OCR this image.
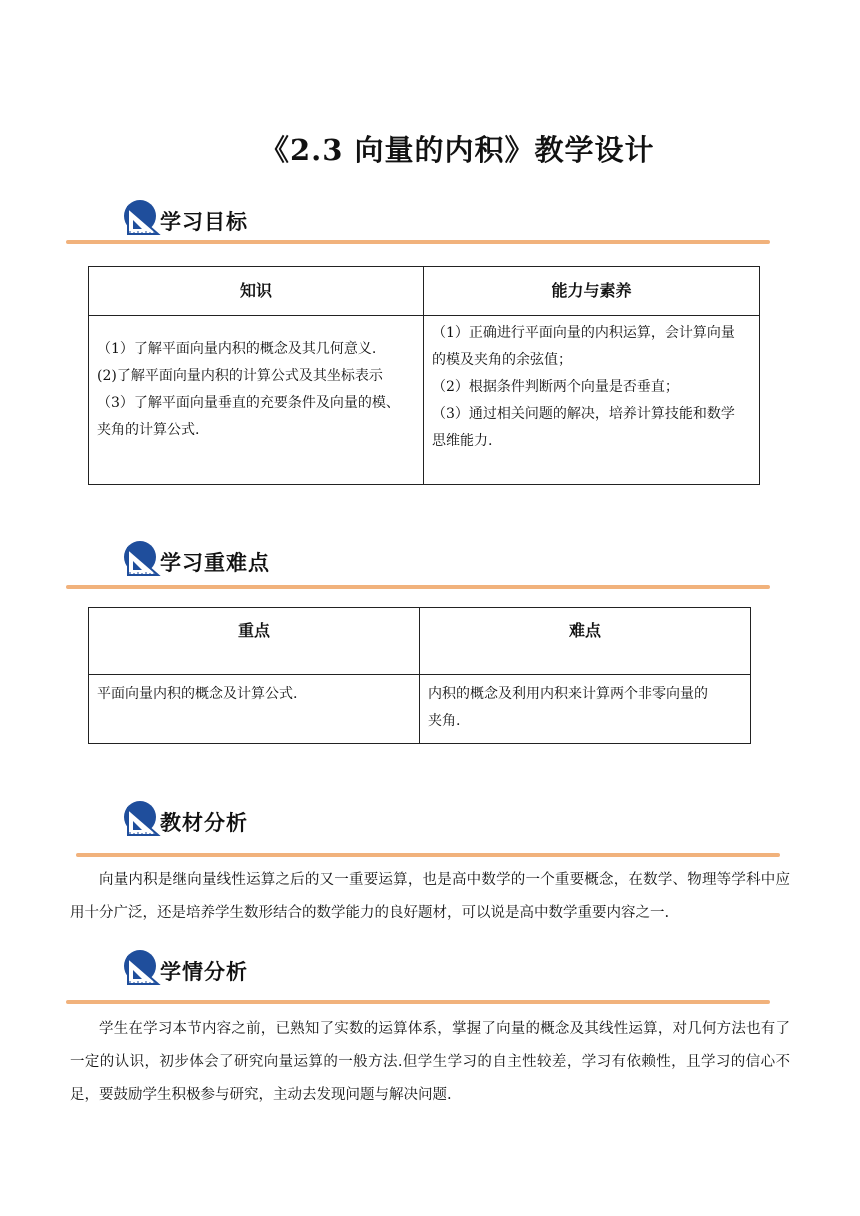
《2.3 向量的内积》教学设计
学习目标
知识	能力与素养

（1）了解平面向量内积的概念及其几何意义.
(2)了解平面向量内积的计算公式及其坐标表示
（3）了解平面向量垂直的充要条件及向量的模、
夹角的计算公式.	（1）正确进行平面向量的内积运算，会计算向量
的模及夹角的余弦值；
（2）根据条件判断两个向量是否垂直；
（3）通过相关问题的解决，培养计算技能和数学
思维能力.
学习重难点
重点	难点

平面向量内积的概念及计算公式.	内积的概念及利用内积来计算两个非零向量的
夹角.
教材分析
向量内积是继向量线性运算之后的又一重要运算，也是高中数学的一个重要概念，在数学、物理等学科中应用十分广泛，还是培养学生数形结合的数学能力的良好题材，可以说是高中数学重要内容之一.
学情分析
学生在学习本节内容之前，已熟知了实数的运算体系，掌握了向量的概念及其线性运算，对几何方法也有了一定的认识，初步体会了研究向量运算的一般方法.但学生学习的自主性较差，学习有依赖性，且学习的信心不足，要鼓励学生积极参与研究，主动去发现问题与解决问题.
